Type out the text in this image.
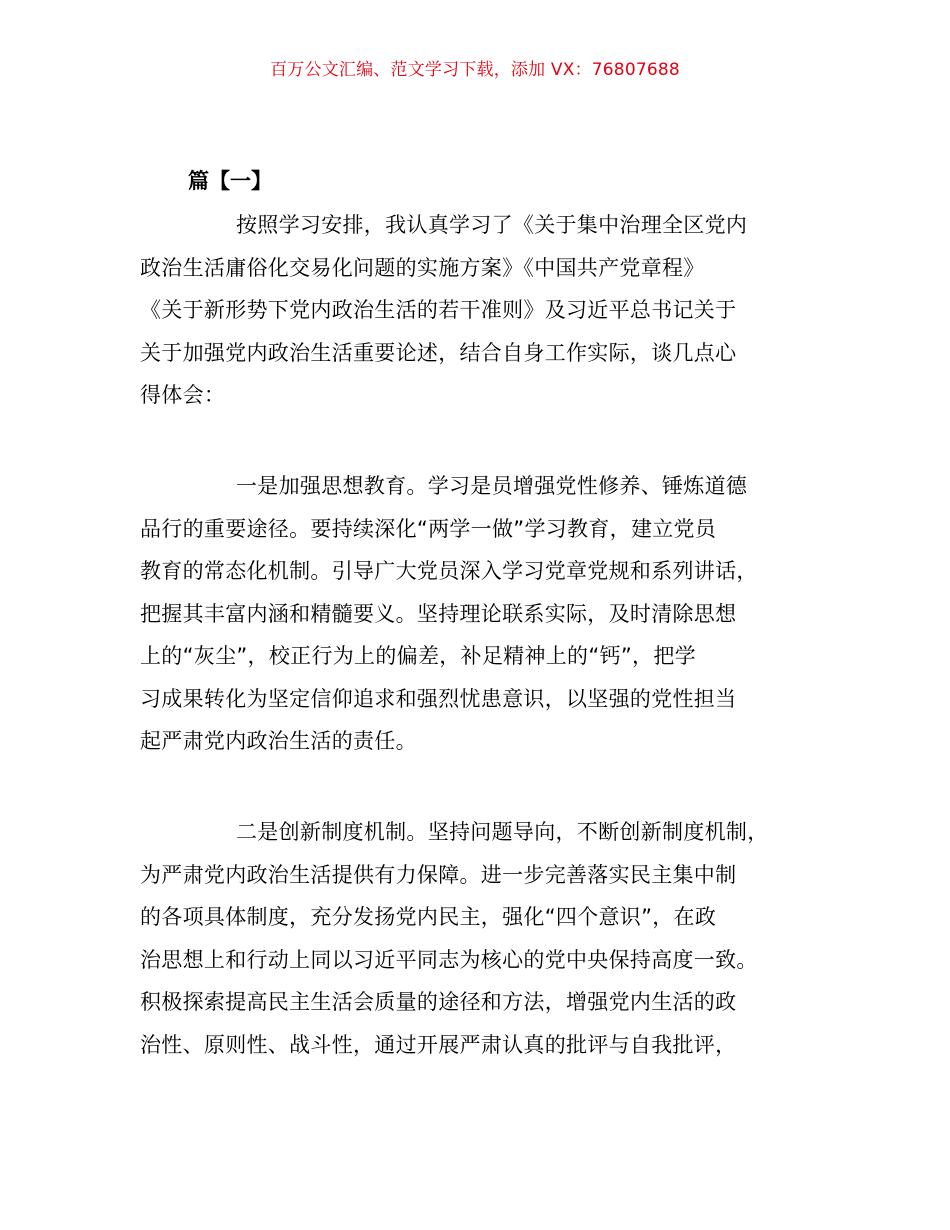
百万公文汇编、范文学习下载，添加 VX：76807688
篇【一】
按照学习安排，我认真学习了《关于集中治理全区党内
政治生活庸俗化交易化问题的实施方案》《中国共产党章程》
《关于新形势下党内政治生活的若干准则》及习近平总书记关于
关于加强党内政治生活重要论述，结合自身工作实际，谈几点心
得体会：
一是加强思想教育。学习是员增强党性修养、锤炼道德
品行的重要途径。要持续深化“两学一做”学习教育，建立党员
教育的常态化机制。引导广大党员深入学习党章党规和系列讲话，
把握其丰富内涵和精髓要义。坚持理论联系实际，及时清除思想
上的“灰尘”，校正行为上的偏差，补足精神上的“钙”，把学
习成果转化为坚定信仰追求和强烈忧患意识，以坚强的党性担当
起严肃党内政治生活的责任。
二是创新制度机制。坚持问题导向，不断创新制度机制，
为严肃党内政治生活提供有力保障。进一步完善落实民主集中制
的各项具体制度，充分发扬党内民主，强化“四个意识”，在政
治思想上和行动上同以习近平同志为核心的党中央保持高度一致。
积极探索提高民主生活会质量的途径和方法，增强党内生活的政
治性、原则性、战斗性，通过开展严肃认真的批评与自我批评，
